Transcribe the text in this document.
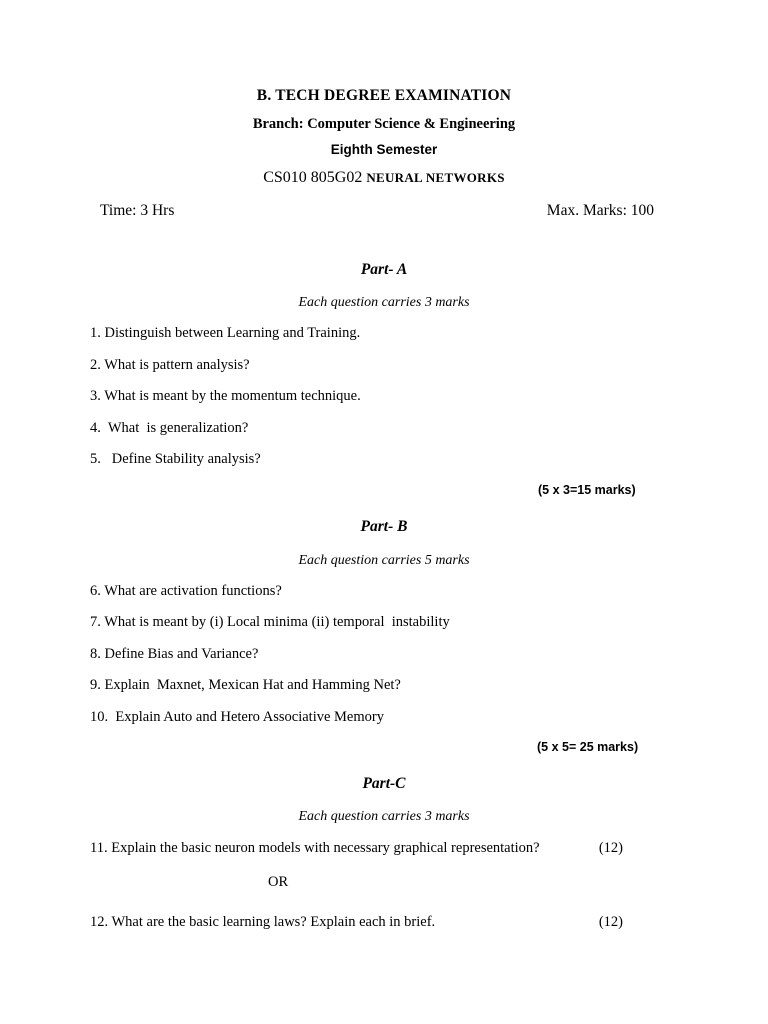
B. TECH DEGREE EXAMINATION
Branch: Computer Science & Engineering
Eighth Semester
CS010 805G02 NEURAL NETWORKS
Time: 3 Hrs	Max. Marks: 100
Part- A
Each question carries 3 marks
1. Distinguish between Learning and Training.
2. What is pattern analysis?
3. What is meant by the momentum technique.
4.  What  is generalization?
5.   Define Stability analysis?
(5 x 3=15 marks)
Part- B
Each question carries 5 marks
6. What are activation functions?
7. What is meant by (i) Local minima (ii) temporal  instability
8. Define Bias and Variance?
9. Explain  Maxnet, Mexican Hat and Hamming Net?
10.  Explain Auto and Hetero Associative Memory
(5 x 5= 25 marks)
Part-C
Each question carries 3 marks
11. Explain the basic neuron models with necessary graphical representation?	(12)
OR
12. What are the basic learning laws? Explain each in brief.	(12)
